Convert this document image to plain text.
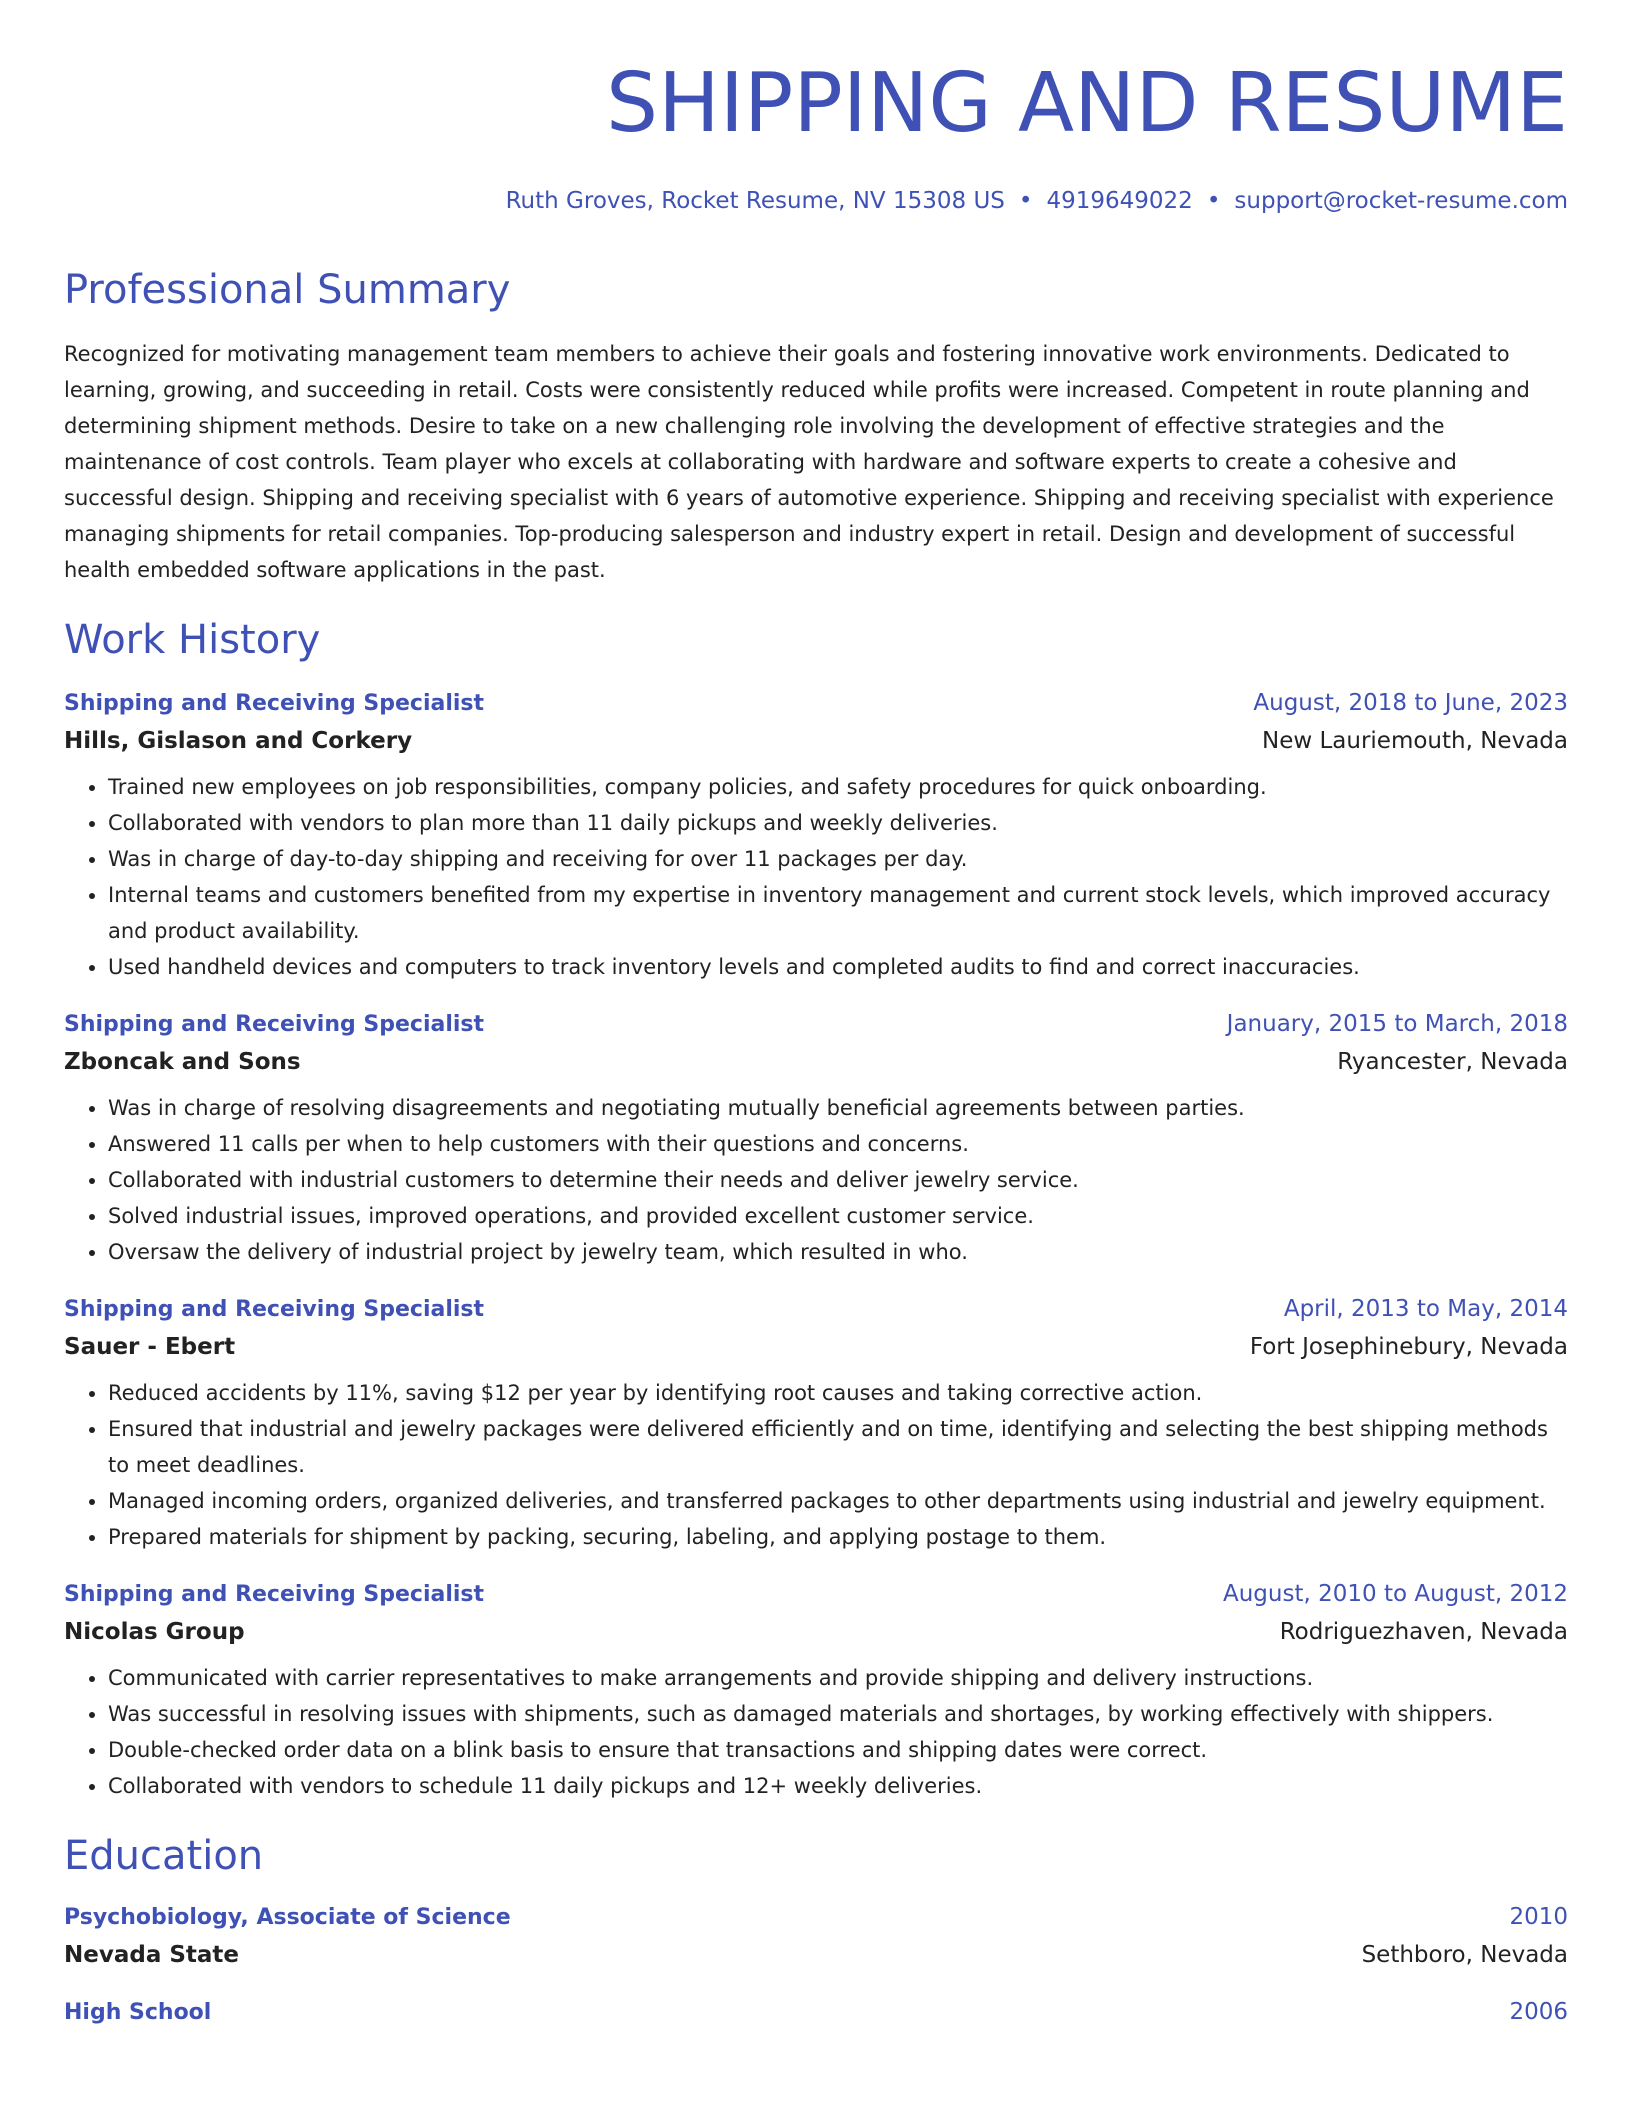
SHIPPING AND RESUME
Ruth Groves, Rocket Resume, NV 15308 US • 4919649022 • support@rocket-resume.com
Professional Summary

Recognized for motivating management team members to achieve their goals and fostering innovative work environments. Dedicated to learning, growing, and succeeding in retail. Costs were consistently reduced while profits were increased. Competent in route planning and determining shipment methods. Desire to take on a new challenging role involving the development of effective strategies and the maintenance of cost controls. Team player who excels at collaborating with hardware and software experts to create a cohesive and successful design. Shipping and receiving specialist with 6 years of automotive experience. Shipping and receiving specialist with experience managing shipments for retail companies. Top-producing salesperson and industry expert in retail. Design and development of successful health embedded software applications in the past.

Work History
Shipping and Receiving Specialist	August, 2018 to June, 2023
Hills, Gislason and Corkery	New Lauriemouth, Nevada
• Trained new employees on job responsibilities, company policies, and safety procedures for quick onboarding.
• Collaborated with vendors to plan more than 11 daily pickups and weekly deliveries.
• Was in charge of day-to-day shipping and receiving for over 11 packages per day.
• Internal teams and customers benefited from my expertise in inventory management and current stock levels, which improved accuracy and product availability.
• Used handheld devices and computers to track inventory levels and completed audits to find and correct inaccuracies.
Shipping and Receiving Specialist	January, 2015 to March, 2018
Zboncak and Sons	Ryancester, Nevada
• Was in charge of resolving disagreements and negotiating mutually beneficial agreements between parties.
• Answered 11 calls per when to help customers with their questions and concerns.
• Collaborated with industrial customers to determine their needs and deliver jewelry service.
• Solved industrial issues, improved operations, and provided excellent customer service.
• Oversaw the delivery of industrial project by jewelry team, which resulted in who.
Shipping and Receiving Specialist	April, 2013 to May, 2014
Sauer - Ebert	Fort Josephinebury, Nevada
• Reduced accidents by 11%, saving $12 per year by identifying root causes and taking corrective action.
• Ensured that industrial and jewelry packages were delivered efficiently and on time, identifying and selecting the best shipping methods to meet deadlines.
• Managed incoming orders, organized deliveries, and transferred packages to other departments using industrial and jewelry equipment.
• Prepared materials for shipment by packing, securing, labeling, and applying postage to them.
Shipping and Receiving Specialist	August, 2010 to August, 2012
Nicolas Group	Rodriguezhaven, Nevada
• Communicated with carrier representatives to make arrangements and provide shipping and delivery instructions.
• Was successful in resolving issues with shipments, such as damaged materials and shortages, by working effectively with shippers.
• Double-checked order data on a blink basis to ensure that transactions and shipping dates were correct.
• Collaborated with vendors to schedule 11 daily pickups and 12+ weekly deliveries.
Education
Psychobiology, Associate of Science	2010
Nevada State	Sethboro, Nevada
High School	2006
